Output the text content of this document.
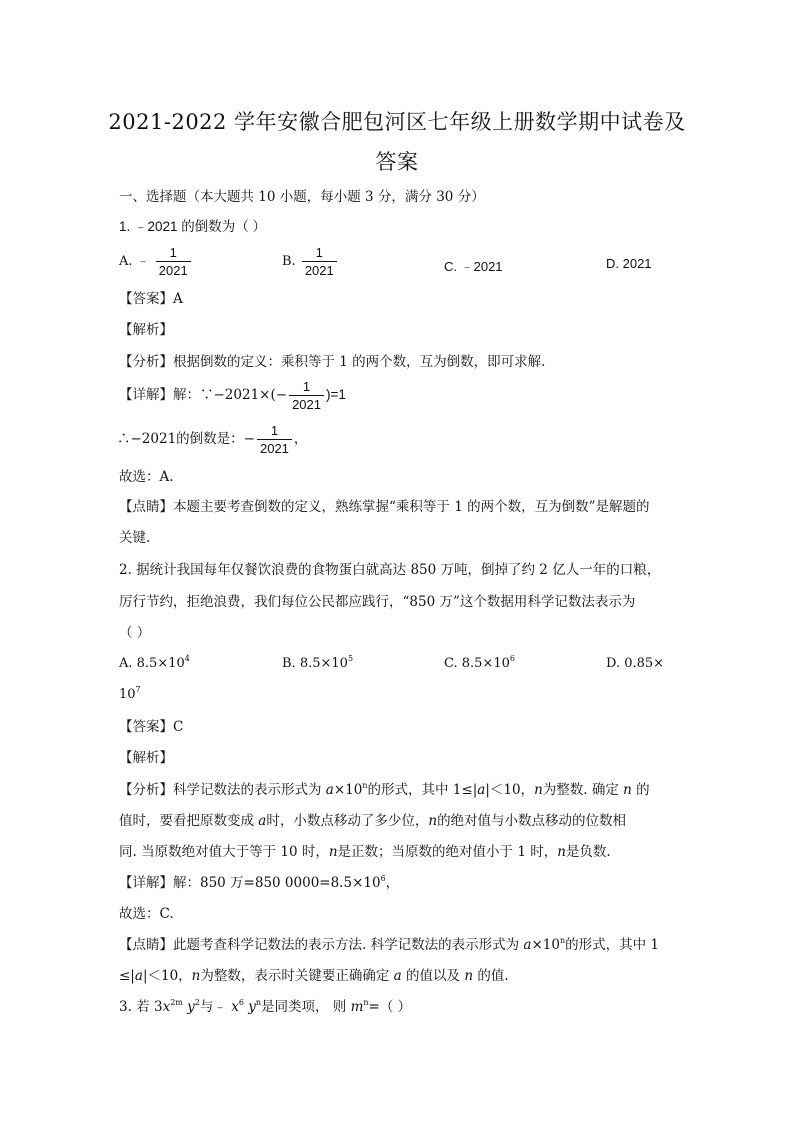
2021-2022 学年安徽合肥包河区七年级上册数学期中试卷及
答案
一、选择题（本大题共 10 小题，每小题 3 分，满分 30 分）
1. ﹣2021 的倒数为（ ）
A. ﹣ $\frac{1}{2021}$	B. $\frac{1}{2021}$	C. ﹣2021	D. 2021
【答案】A
【解析】
【分析】根据倒数的定义：乘积等于 1 的两个数，互为倒数，即可求解.
【详解】解：∵−2021×(− $\frac{1}{2021} )=1$
∴−2021的倒数是：− $\frac{1}{2021}$ ，
故选：A.
【点睛】本题主要考查倒数的定义，熟练掌握“乘积等于 1 的两个数，互为倒数”是解题的
关键.
2. 据统计我国每年仅餐饮浪费的食物蛋白就高达 850 万吨，倒掉了约 2 亿人一年的口粮，
厉行节约，拒绝浪费，我们每位公民都应践行，“850 万”这个数据用科学记数法表示为
（ ）
A. $8.5\times 10^4$	B. $8.5\times 10^5$	C. $8.5\times 10^6$	D. 0.85×
$10^7$
【答案】C
【解析】
【分析】科学记数法的表示形式为 $a\times 10^n$的形式，其中 1≤|a|＜10，n为整数. 确定 n 的
值时，要看把原数变成 a时，小数点移动了多少位，n的绝对值与小数点移动的位数相
同. 当原数绝对值大于等于 10 时，n是正数；当原数的绝对值小于 1 时，n是负数.
【详解】解：850 万=850 $0000=8.5\times 10^6$，
故选：C.
【点睛】此题考查科学记数法的表示方法. 科学记数法的表示形式为 $a\times 10^n$的形式，其中 1
≤|a|＜10，n为整数，表示时关键要正确确定 a 的值以及 n 的值.
3. 若 $3x^{2m}$ $y^2$与﹣ $x^6$ $y^n$是同类项， 则 $m^n=$（ ）
